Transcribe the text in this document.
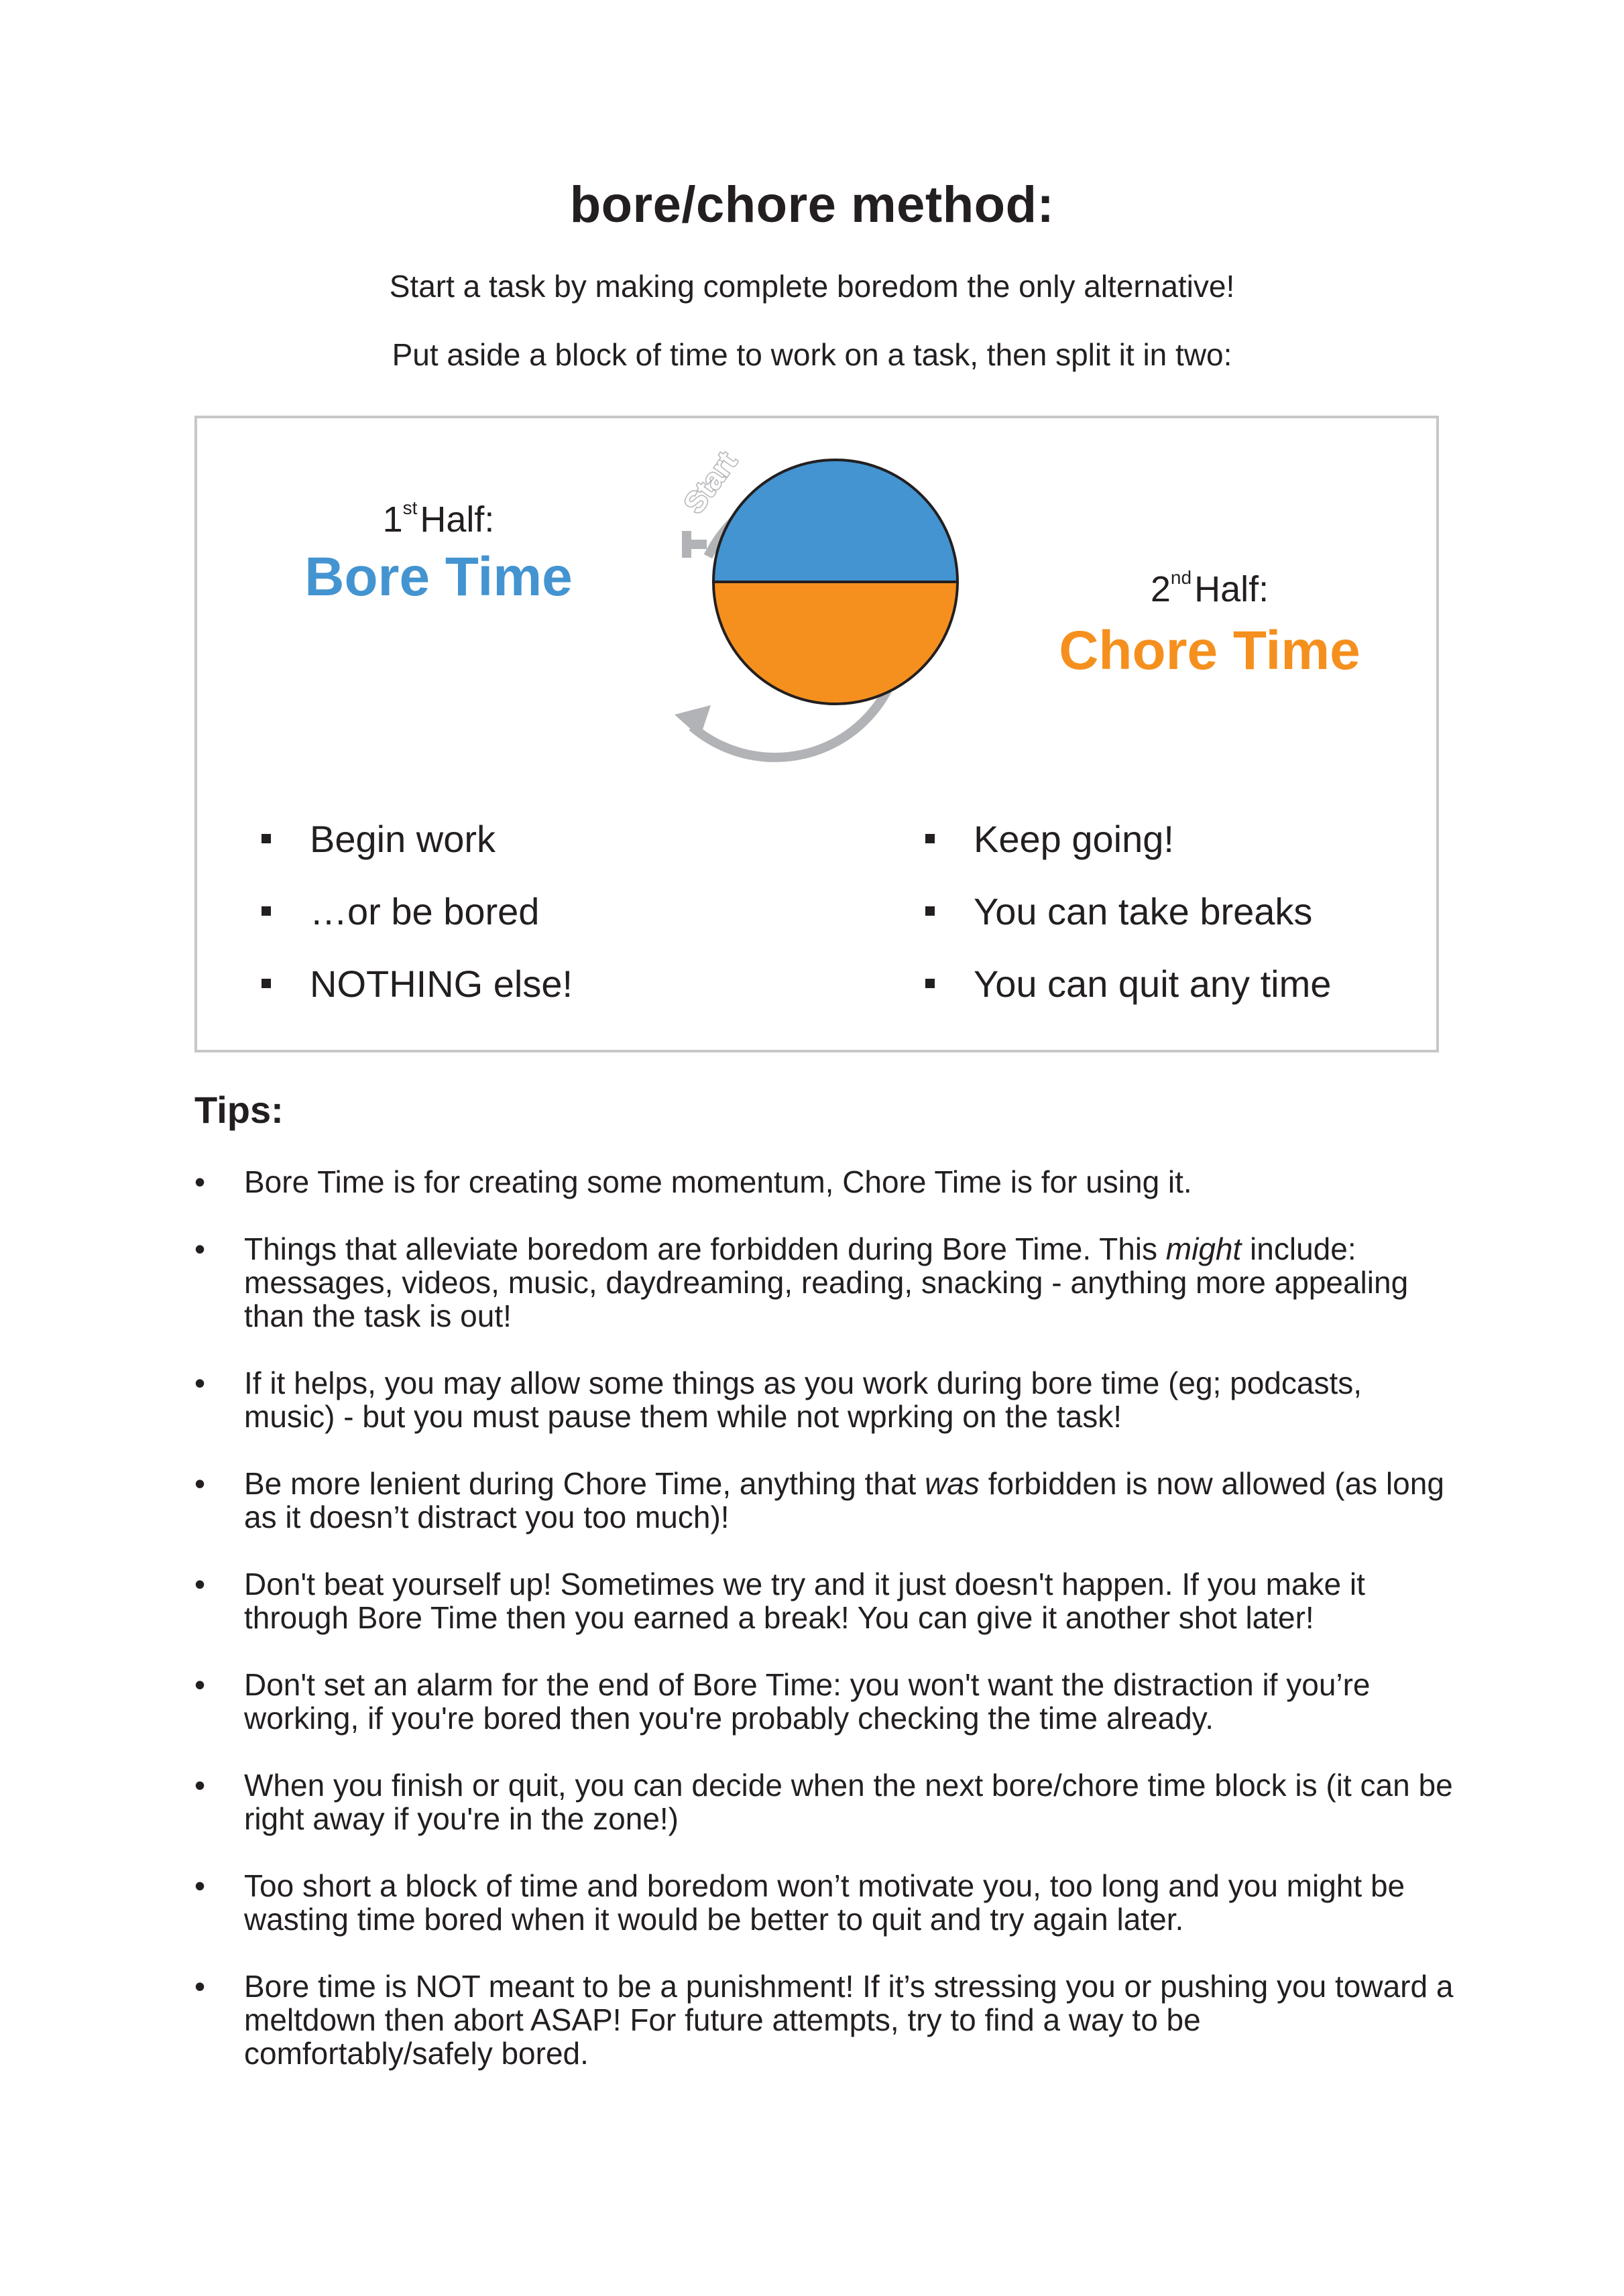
bore/chore method:
Start a task by making complete boredom the only alternative!
Put aside a block of time to work on a task, then split it in two:
1stHalf:
Bore Time	2ndHalf:
Chore Time
Start
Begin work
…or be bored
NOTHING else!
Keep going!
You can take breaks
You can quit any time
Tips:
• Bore Time is for creating some momentum, Chore Time is for using it.
• Things that alleviate boredom are forbidden during Bore Time. This might include: messages, videos, music, daydreaming, reading, snacking - anything more appealing than the task is out!
• If it helps, you may allow some things as you work during bore time (eg; podcasts, music) - but you must pause them while not wprking on the task!
• Be more lenient during Chore Time, anything that was forbidden is now allowed (as long as it doesn’t distract you too much)!
• Don't beat yourself up! Sometimes we try and it just doesn't happen. If you make it through Bore Time then you earned a break! You can give it another shot later!
• Don't set an alarm for the end of Bore Time: you won't want the distraction if you’re working, if you're bored then you're probably checking the time already.
• When you finish or quit, you can decide when the next bore/chore time block is (it can be right away if you're in the zone!)
• Too short a block of time and boredom won’t motivate you, too long and you might be wasting time bored when it would be better to quit and try again later.
• Bore time is NOT meant to be a punishment! If it’s stressing you or pushing you toward a meltdown then abort ASAP! For future attempts, try to find a way to be comfortably/safely bored.
